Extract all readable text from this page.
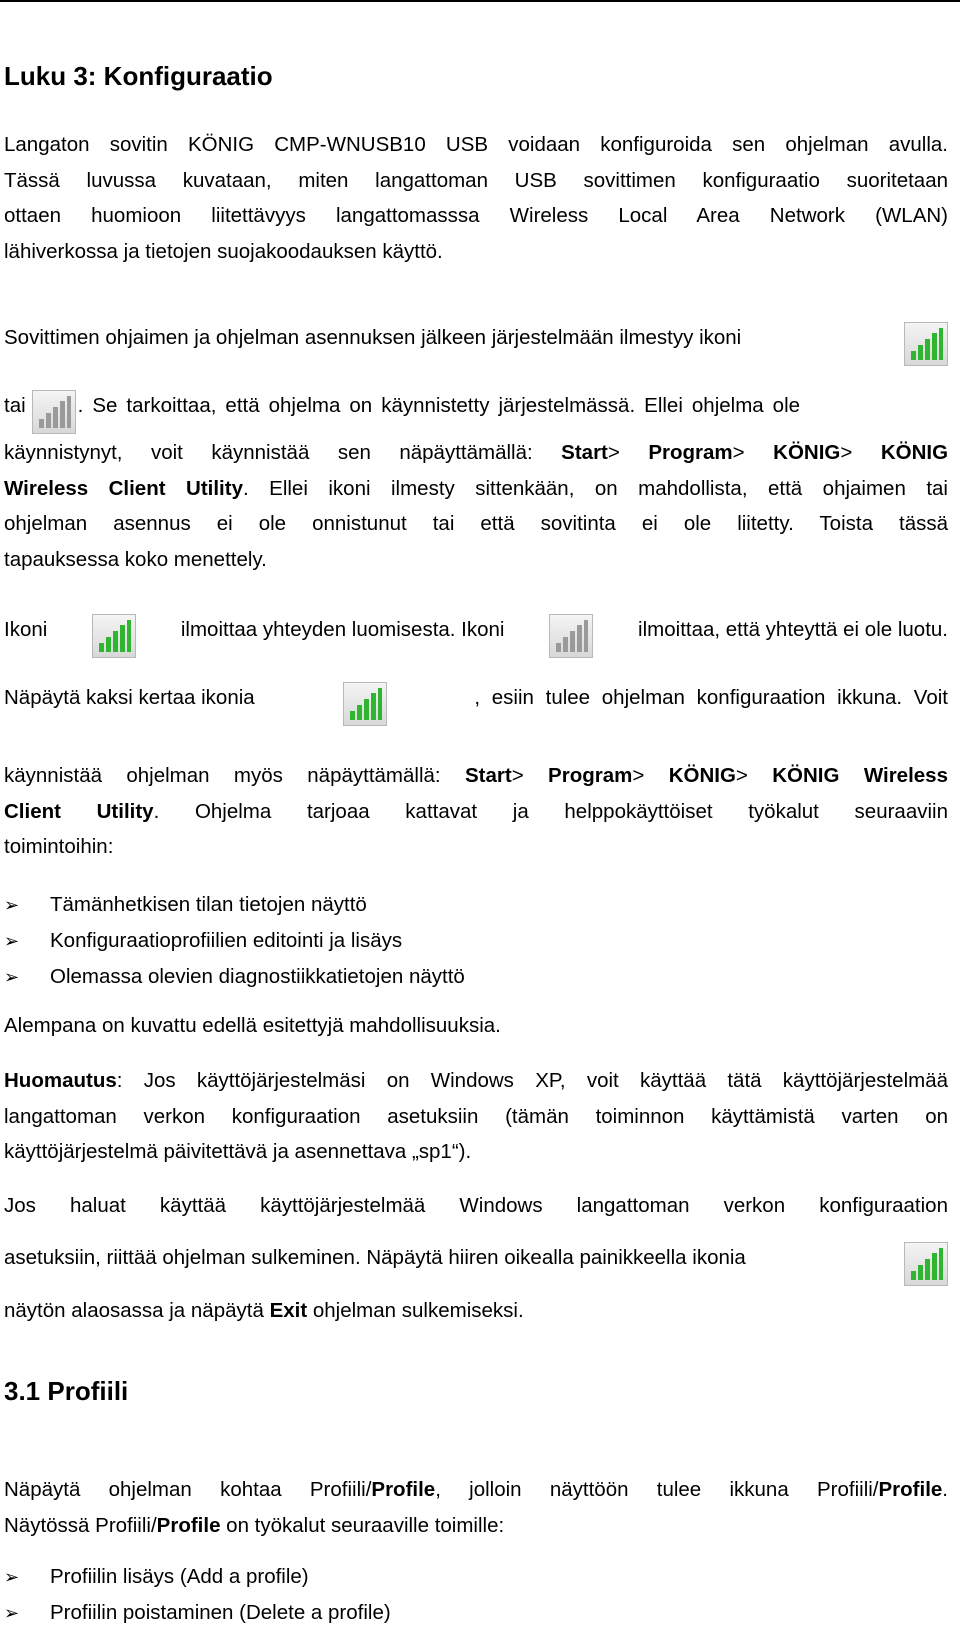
Luku 3: Konfiguraatio
Langaton sovitin KÖNIG CMP-WNUSB10 USB voidaan konfiguroida sen ohjelman avulla.
Tässä luvussa kuvataan, miten langattoman USB sovittimen konfiguraatio suoritetaan
ottaen huomioon liitettävyys langattomasssa Wireless Local Area Network (WLAN)
lähiverkossa ja tietojen suojakoodauksen käyttö.
Sovittimen ohjaimen ja ohjelman asennuksen jälkeen järjestelmään ilmestyy ikoni
tai	. Se tarkoittaa, että ohjelma on käynnistetty järjestelmässä. Ellei ohjelma ole
käynnistynyt, voit käynnistää sen näpäyttämällä: Start> Program> KÖNIG> KÖNIG
Wireless Client Utility. Ellei ikoni ilmesty sittenkään, on mahdollista, että ohjaimen tai
ohjelman asennus ei ole onnistunut tai että sovitinta ei ole liitetty. Toista tässä
tapauksessa koko menettely.
Ikoni	ilmoittaa yhteyden luomisesta. Ikoni	ilmoittaa, että yhteyttä ei ole luotu.
Näpäytä kaksi kertaa ikonia	, esiin tulee ohjelman konfiguraation ikkuna. Voit
käynnistää ohjelman myös näpäyttämällä: Start> Program> KÖNIG> KÖNIG Wireless
Client Utility. Ohjelma tarjoaa kattavat ja helppokäyttöiset työkalut seuraaviin
toimintoihin:
➢ Tämänhetkisen tilan tietojen näyttö
➢ Konfiguraatioprofiilien editointi ja lisäys
➢ Olemassa olevien diagnostiikkatietojen näyttö
Alempana on kuvattu edellä esitettyjä mahdollisuuksia.
Huomautus: Jos käyttöjärjestelmäsi on Windows XP, voit käyttää tätä käyttöjärjestelmää
langattoman verkon konfiguraation asetuksiin (tämän toiminnon käyttämistä varten on
käyttöjärjestelmä päivitettävä ja asennettava „sp1“).
Jos haluat käyttää käyttöjärjestelmää Windows langattoman verkon konfiguraation
asetuksiin, riittää ohjelman sulkeminen. Näpäytä hiiren oikealla painikkeella ikonia
näytön alaosassa ja näpäytä Exit ohjelman sulkemiseksi.
3.1 Profiili
Näpäytä ohjelman kohtaa Profiili/Profile, jolloin näyttöön tulee ikkuna Profiili/Profile.
Näytössä Profiili/Profile on työkalut seuraaville toimille:
➢ Profiilin lisäys (Add a profile)
➢ Profiilin poistaminen (Delete a profile)
